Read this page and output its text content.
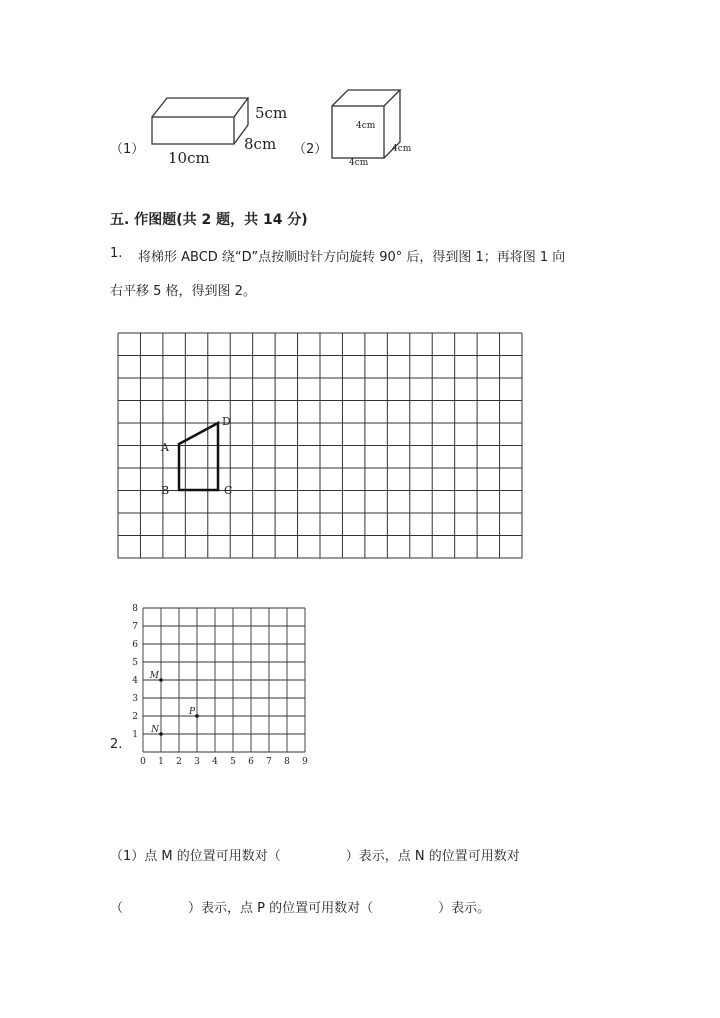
（1）
5cm
8cm
10cm	（2）
4cm
4cm
4cm
五. 作图题(共 2 题，共 14 分)
1. 将梯形 ABCD 绕“D”点按顺时针方向旋转 90° 后，得到图 1；再将图 1 向
右平移 5 格，得到图 2。
A
B	C
D
0 1 2 3 4 5 6 7 8 9
1
2
3
4
5
6
7
8
M
P
N
2.
（1）点 M 的位置可用数对（　　　　　）表示，点 N 的位置可用数对
（　　　　　）表示，点 P 的位置可用数对（　　　　　）表示。
